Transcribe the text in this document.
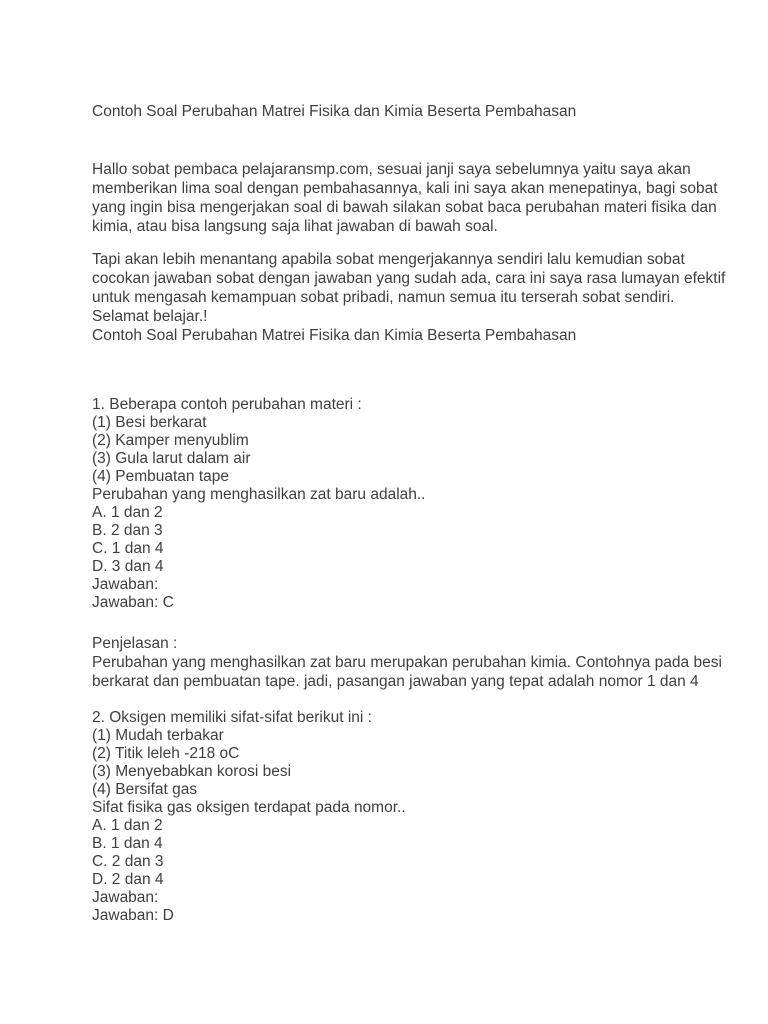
Contoh Soal Perubahan Matrei Fisika dan Kimia Beserta Pembahasan
Hallo sobat pembaca pelajaransmp.com, sesuai janji saya sebelumnya yaitu saya akan
memberikan lima soal dengan pembahasannya, kali ini saya akan menepatinya, bagi sobat
yang ingin bisa mengerjakan soal di bawah silakan sobat baca perubahan materi fisika dan
kimia, atau bisa langsung saja lihat jawaban di bawah soal.
Tapi akan lebih menantang apabila sobat mengerjakannya sendiri lalu kemudian sobat
cocokan jawaban sobat dengan jawaban yang sudah ada, cara ini saya rasa lumayan efektif
untuk mengasah kemampuan sobat pribadi, namun semua itu terserah sobat sendiri.
Selamat belajar.!
Contoh Soal Perubahan Matrei Fisika dan Kimia Beserta Pembahasan
1. Beberapa contoh perubahan materi :
(1) Besi berkarat
(2) Kamper menyublim
(3) Gula larut dalam air
(4) Pembuatan tape
Perubahan yang menghasilkan zat baru adalah..
A. 1 dan 2
B. 2 dan 3
C. 1 dan 4
D. 3 dan 4
Jawaban:
Jawaban: C
Penjelasan :
Perubahan yang menghasilkan zat baru merupakan perubahan kimia. Contohnya pada besi
berkarat dan pembuatan tape. jadi, pasangan jawaban yang tepat adalah nomor 1 dan 4
2. Oksigen memiliki sifat-sifat berikut ini :
(1) Mudah terbakar
(2) Titik leleh -218 oC
(3) Menyebabkan korosi besi
(4) Bersifat gas
Sifat fisika gas oksigen terdapat pada nomor..
A. 1 dan 2
B. 1 dan 4
C. 2 dan 3
D. 2 dan 4
Jawaban:
Jawaban: D
